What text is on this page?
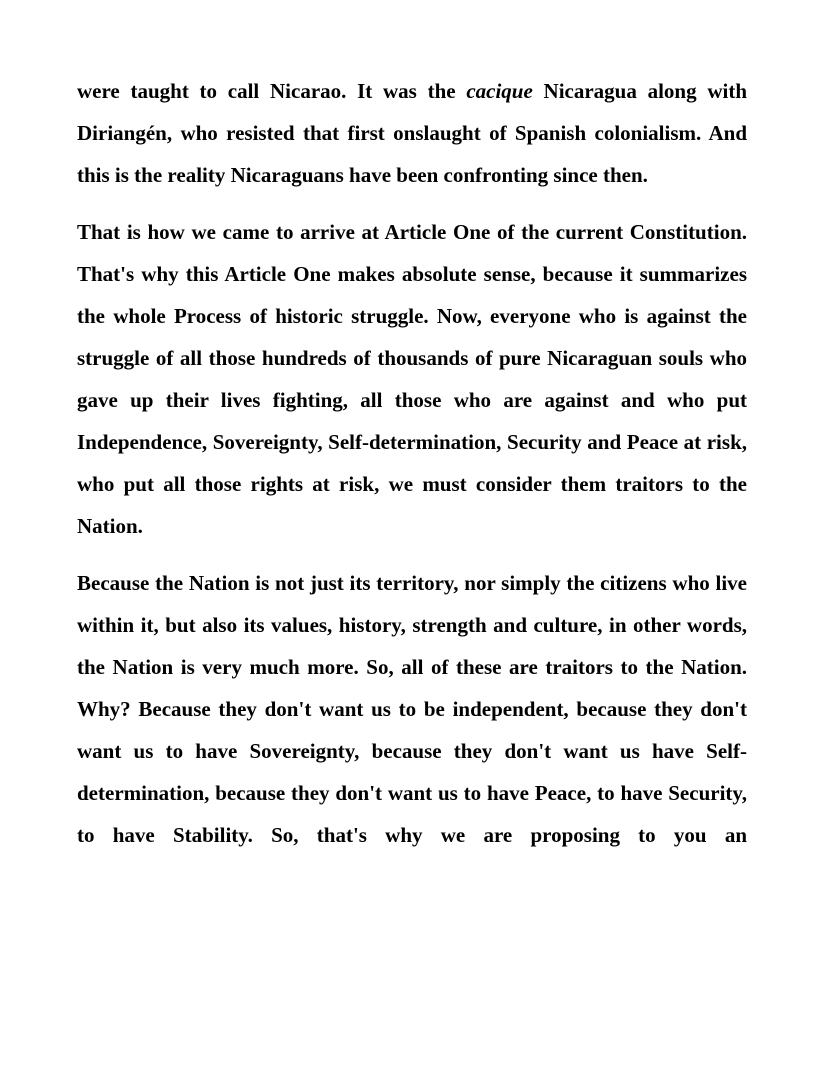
were taught to call Nicarao. It was the cacique Nicaragua along with Diriangén, who resisted that first onslaught of Spanish colonialism. And this is the reality Nicaraguans have been confronting since then.

That is how we came to arrive at Article One of the current Constitution. That's why this Article One makes absolute sense, because it summarizes the whole Process of historic struggle. Now, everyone who is against the struggle of all those hundreds of thousands of pure Nicaraguan souls who gave up their lives fighting, all those who are against and who put Independence, Sovereignty, Self-determination, Security and Peace at risk, who put all those rights at risk, we must consider them traitors to the Nation.

Because the Nation is not just its territory, nor simply the citizens who live within it, but also its values, history, strength and culture, in other words, the Nation is very much more. So, all of these are traitors to the Nation. Why? Because they don't want us to be independent, because they don't want us to have Sovereignty, because they don't want us have Self-determination, because they don't want us to have Peace, to have Security, to have Stability. So, that's why we are proposing to you an
